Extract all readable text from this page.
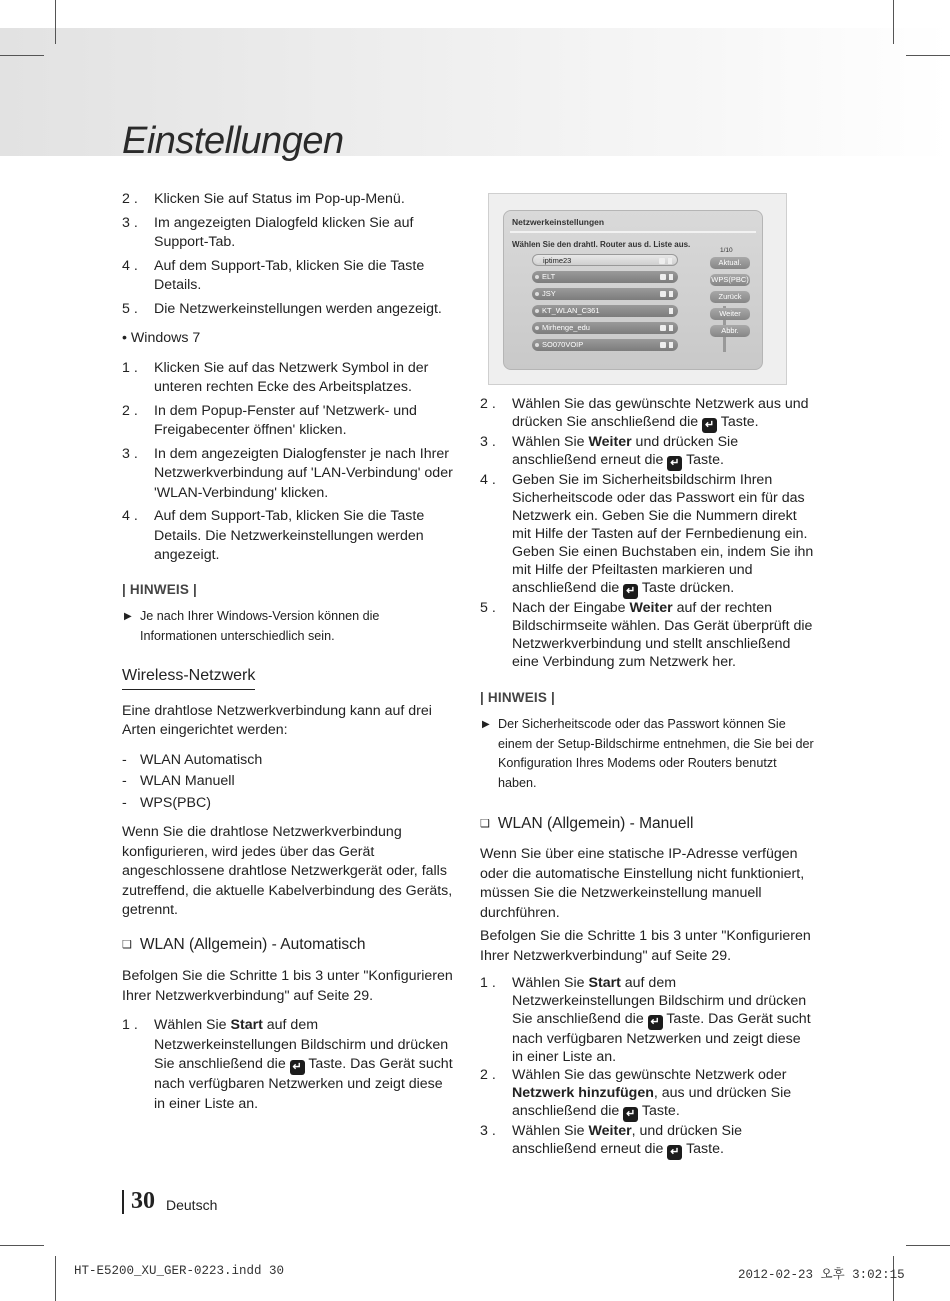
Einstellungen
2 . Klicken Sie auf Status im Pop-up-Menü.
3 . Im angezeigten Dialogfeld klicken Sie auf Support-Tab.
4 . Auf dem Support-Tab, klicken Sie die Taste Details.
5 . Die Netzwerkeinstellungen werden angezeigt.
• Windows 7
1 . Klicken Sie auf das Netzwerk Symbol in der unteren rechten Ecke des Arbeitsplatzes.
2 . In dem Popup-Fenster auf 'Netzwerk- und Freigabecenter öffnen' klicken.
3 . In dem angezeigten Dialogfenster je nach Ihrer Netzwerkverbindung auf 'LAN-Verbindung' oder 'WLAN-Verbindung' klicken.
4 . Auf dem Support-Tab, klicken Sie die Taste Details. Die Netzwerkeinstellungen werden angezeigt.
| HINWEIS |
▶ Je nach Ihrer Windows-Version können die Informationen unterschiedlich sein.
Wireless-Netzwerk
Eine drahtlose Netzwerkverbindung kann auf drei Arten eingerichtet werden:
- WLAN Automatisch
- WLAN Manuell
- WPS(PBC)
Wenn Sie die drahtlose Netzwerkverbindung konfigurieren, wird jedes über das Gerät angeschlossene drahtlose Netzwerkgerät oder, falls zutreffend, die aktuelle Kabelverbindung des Geräts, getrennt.
❑ WLAN (Allgemein) - Automatisch
Befolgen Sie die Schritte 1 bis 3 unter "Konfigurieren Ihrer Netzwerkverbindung" auf Seite 29.
1 . Wählen Sie Start auf dem Netzwerkeinstellungen Bildschirm und drücken Sie anschließend die ↵ Taste. Das Gerät sucht nach verfügbaren Netzwerken und zeigt diese in einer Liste an.
Netzwerkeinstellungen
Wählen Sie den drahtl. Router aus d. Liste aus.
1/10
iptime23
ELT
JSY
KT_WLAN_C361
Mirhenge_edu
SO070VOIP
Aktual.
WPS(PBC)
Zurück
Weiter
Abbr.
2 . Wählen Sie das gewünschte Netzwerk aus und drücken Sie anschließend die ↵ Taste.
3 . Wählen Sie Weiter und drücken Sie anschließend erneut die ↵ Taste.
4 . Geben Sie im Sicherheitsbildschirm Ihren Sicherheitscode oder das Passwort ein für das Netzwerk ein. Geben Sie die Nummern direkt mit Hilfe der Tasten auf der Fernbedienung ein. Geben Sie einen Buchstaben ein, indem Sie ihn mit Hilfe der Pfeiltasten markieren und anschließend die ↵ Taste drücken.
5 . Nach der Eingabe Weiter auf der rechten Bildschirmseite wählen. Das Gerät überprüft die Netzwerkverbindung und stellt anschließend eine Verbindung zum Netzwerk her.
| HINWEIS |
▶ Der Sicherheitscode oder das Passwort können Sie einem der Setup-Bildschirme entnehmen, die Sie bei der Konfiguration Ihres Modems oder Routers benutzt haben.
❑ WLAN (Allgemein) - Manuell
Wenn Sie über eine statische IP-Adresse verfügen oder die automatische Einstellung nicht funktioniert, müssen Sie die Netzwerkeinstellung manuell durchführen.
Befolgen Sie die Schritte 1 bis 3 unter "Konfigurieren Ihrer Netzwerkverbindung" auf Seite 29.
1 . Wählen Sie Start auf dem Netzwerkeinstellungen Bildschirm und drücken Sie anschließend die ↵ Taste. Das Gerät sucht nach verfügbaren Netzwerken und zeigt diese in einer Liste an.
2 . Wählen Sie das gewünschte Netzwerk oder Netzwerk hinzufügen, aus und drücken Sie anschließend die ↵ Taste.
3 . Wählen Sie Weiter, und drücken Sie anschließend erneut die ↵ Taste.
30 Deutsch
HT-E5200_XU_GER-0223.indd 30	2012-02-23 오후 3:02:15
